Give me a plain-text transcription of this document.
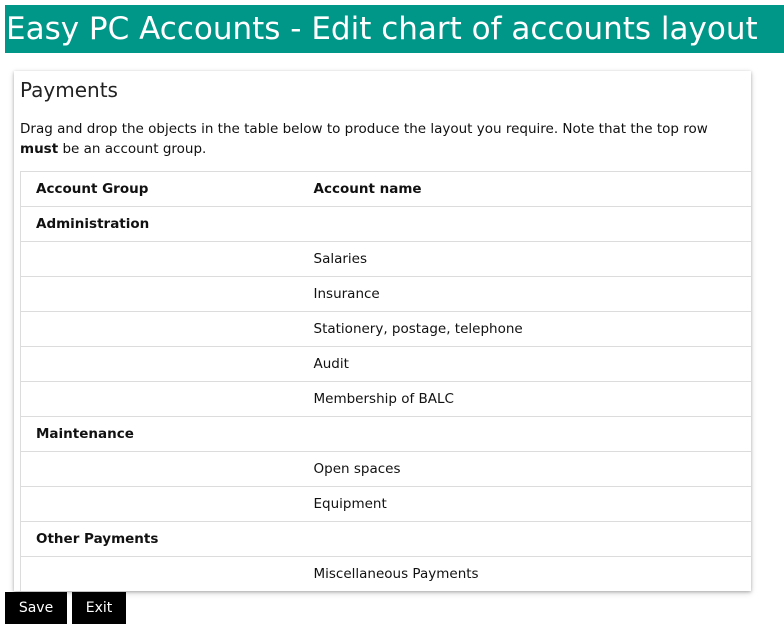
Easy PC Accounts - Edit chart of accounts layout
Payments
Drag and drop the objects in the table below to produce the layout you require. Note that the top row must be an account group.
Account Group	Account name
Administration	
	Salaries
	Insurance
	Stationery, postage, telephone
	Audit
	Membership of BALC
Maintenance	
	Open spaces
	Equipment
Other Payments	
	Miscellaneous Payments
Save	Exit
